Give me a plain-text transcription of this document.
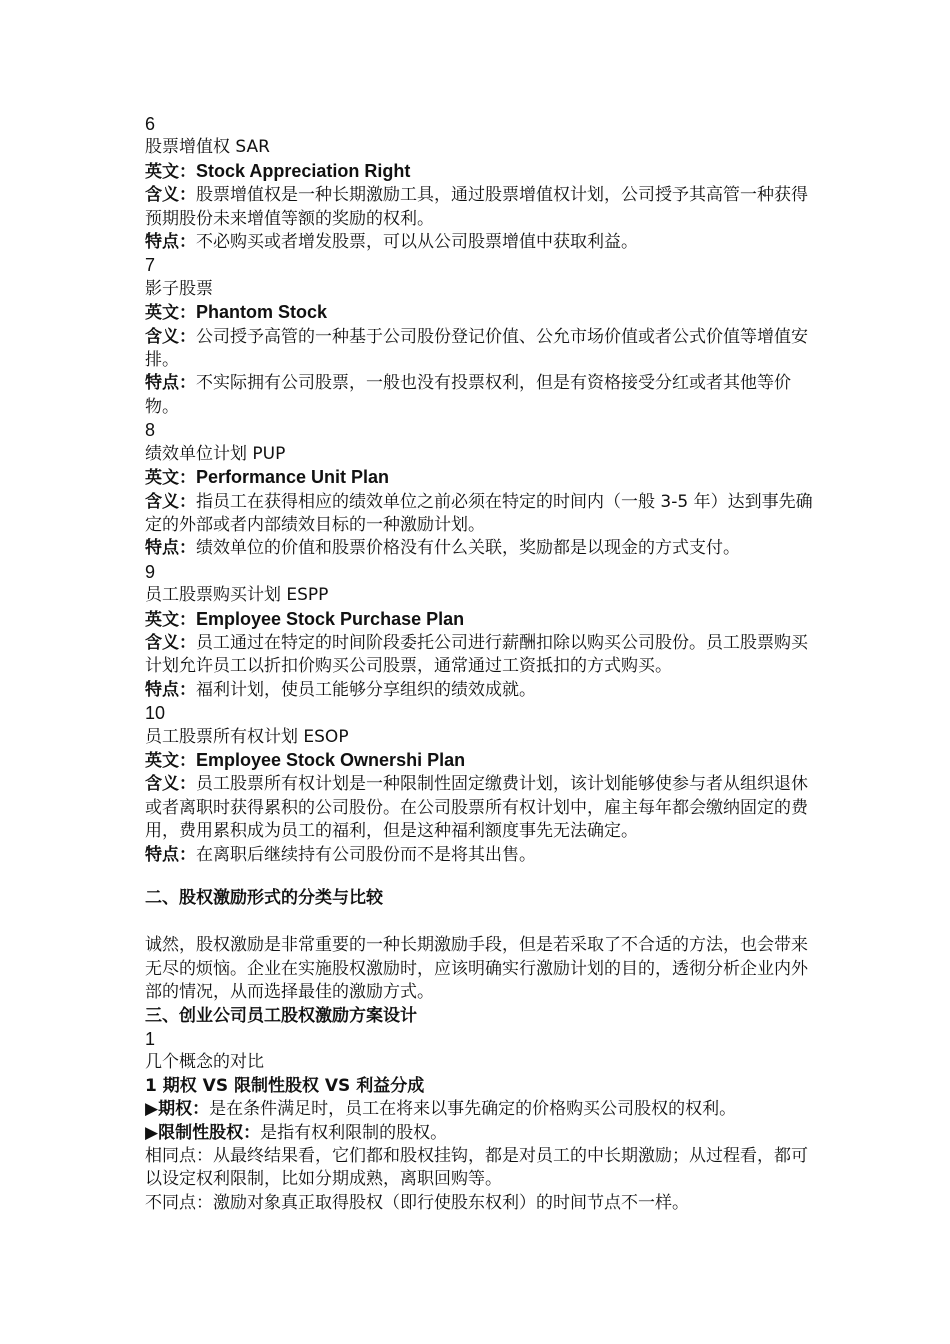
6
股票增值权 SAR
英文：Stock Appreciation Right
含义：股票增值权是一种长期激励工具，通过股票增值权计划，公司授予其高管一种获得预期股份未来增值等额的奖励的权利。
特点：不必购买或者增发股票，可以从公司股票增值中获取利益。
7
影子股票
英文：Phantom Stock
含义：公司授予高管的一种基于公司股份登记价值、公允市场价值或者公式价值等增值安排。
特点：不实际拥有公司股票，一般也没有投票权利，但是有资格接受分红或者其他等价物。
8
绩效单位计划 PUP
英文：Performance Unit Plan
含义：指员工在获得相应的绩效单位之前必须在特定的时间内（一般 3-5 年）达到事先确定的外部或者内部绩效目标的一种激励计划。
特点：绩效单位的价值和股票价格没有什么关联，奖励都是以现金的方式支付。
9
员工股票购买计划 ESPP
英文：Employee Stock Purchase Plan
含义：员工通过在特定的时间阶段委托公司进行薪酬扣除以购买公司股份。员工股票购买计划允许员工以折扣价购买公司股票，通常通过工资抵扣的方式购买。
特点：福利计划，使员工能够分享组织的绩效成就。
10
员工股票所有权计划 ESOP
英文：Employee Stock Ownershi Plan
含义：员工股票所有权计划是一种限制性固定缴费计划，该计划能够使参与者从组织退休或者离职时获得累积的公司股份。在公司股票所有权计划中，雇主每年都会缴纳固定的费用，费用累积成为员工的福利，但是这种福利额度事先无法确定。
特点：在离职后继续持有公司股份而不是将其出售。
二、股权激励形式的分类与比较
诚然，股权激励是非常重要的一种长期激励手段，但是若采取了不合适的方法，也会带来无尽的烦恼。企业在实施股权激励时，应该明确实行激励计划的目的，透彻分析企业内外部的情况，从而选择最佳的激励方式。
三、创业公司员工股权激励方案设计
1
几个概念的对比
1 期权 VS 限制性股权 VS 利益分成
▶期权：是在条件满足时，员工在将来以事先确定的价格购买公司股权的权利。
▶限制性股权：是指有权利限制的股权。
相同点：从最终结果看，它们都和股权挂钩，都是对员工的中长期激励；从过程看，都可以设定权利限制，比如分期成熟，离职回购等。
不同点：激励对象真正取得股权（即行使股东权利）的时间节点不一样。
